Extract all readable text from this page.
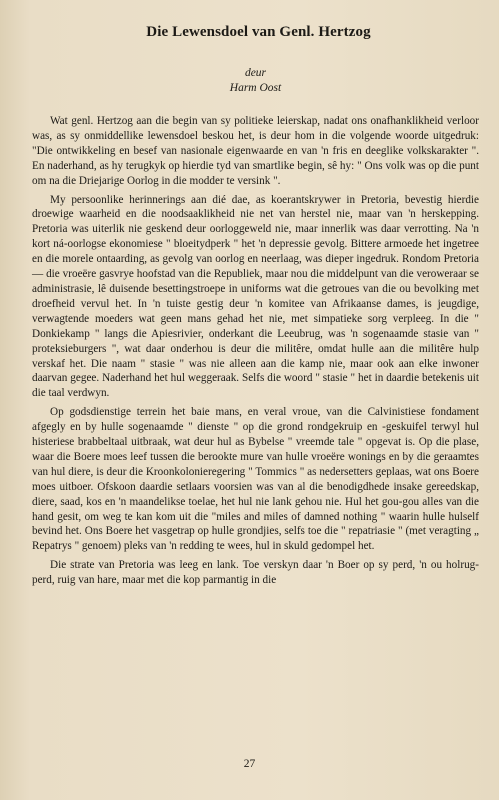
Die Lewensdoel van Genl. Hertzog
deur
Harm Oost

Wat genl. Hertzog aan die begin van sy politieke leierskap, nadat ons onafhanklikheid verloor was, as sy onmiddellike lewensdoel beskou het, is deur hom in die volgende woorde uitgedruk: "Die ontwikkeling en besef van nasionale eigenwaarde en van 'n fris en deeglike volkskarakter ". En naderhand, as hy terugkyk op hierdie tyd van smartlike begin, sê hy: " Ons volk was op die punt om na die Driejarige Oorlog in die modder te versink ".

My persoonlike herinnerings aan dié dae, as koerantskrywer in Pretoria, bevestig hierdie droewige waarheid en die noodsaaklikheid nie net van herstel nie, maar van 'n herskepping. Pretoria was uiterlik nie geskend deur oorloggeweld nie, maar innerlik was daar verrotting. Na 'n kort ná-oorlogse ekonomiese " bloeitydperk " het 'n depressie gevolg. Bittere armoede het ingetree en die morele ontaarding, as gevolg van oorlog en neerlaag, was dieper ingedruk. Rondom Pretoria — die vroeëre gasvrye hoofstad van die Republiek, maar nou die middelpunt van die veroweraar se administrasie, lê duisende besettingstroepe in uniforms wat die getroues van die ou bevolking met droefheid vervul het. In 'n tuiste gestig deur 'n komitee van Afrikaanse dames, is jeugdige, verwagtende moeders wat geen mans gehad het nie, met simpatieke sorg verpleeg. In die " Donkiekamp " langs die Apiesrivier, onderkant die Leeubrug, was 'n sogenaamde stasie van " proteksieburgers ", wat daar onderhou is deur die militêre, omdat hulle aan die militêre hulp verskaf het. Die naam " stasie " was nie alleen aan die kamp nie, maar ook aan elke inwoner daarvan gegee. Naderhand het hul weggeraak. Selfs die woord " stasie " het in daardie betekenis uit die taal verdwyn.

Op godsdienstige terrein het baie mans, en veral vroue, van die Calvinistiese fondament afgegly en by hulle sogenaamde " dienste " op die grond rondgekruip en -geskuifel terwyl hul histeriese brabbeltaal uitbraak, wat deur hul as Bybelse " vreemde tale " opgevat is. Op die plase, waar die Boere moes leef tussen die berookte mure van hulle vroeëre wonings en by die geraamtes van hul diere, is deur die Kroonkolonieregering " Tommics " as nedersetters geplaas, wat ons Boere moes uitboer. Ofskoon daardie setlaars voorsien was van al die benodigdhede insake gereedskap, diere, saad, kos en 'n maandelikse toelae, het hul nie lank gehou nie. Hul het gou-gou alles van die hand gesit, om weg te kan kom uit die "miles and miles of damned nothing " waarin hulle hulself bevind het. Ons Boere het vasgetrap op hulle grondjies, selfs toe die " repatriasie " (met veragting „ Repatrys " genoem) pleks van 'n redding te wees, hul in skuld gedompel het.

Die strate van Pretoria was leeg en lank. Toe verskyn daar 'n Boer op sy perd, 'n ou holrug-perd, ruig van hare, maar met die kop parmantig in die

27
